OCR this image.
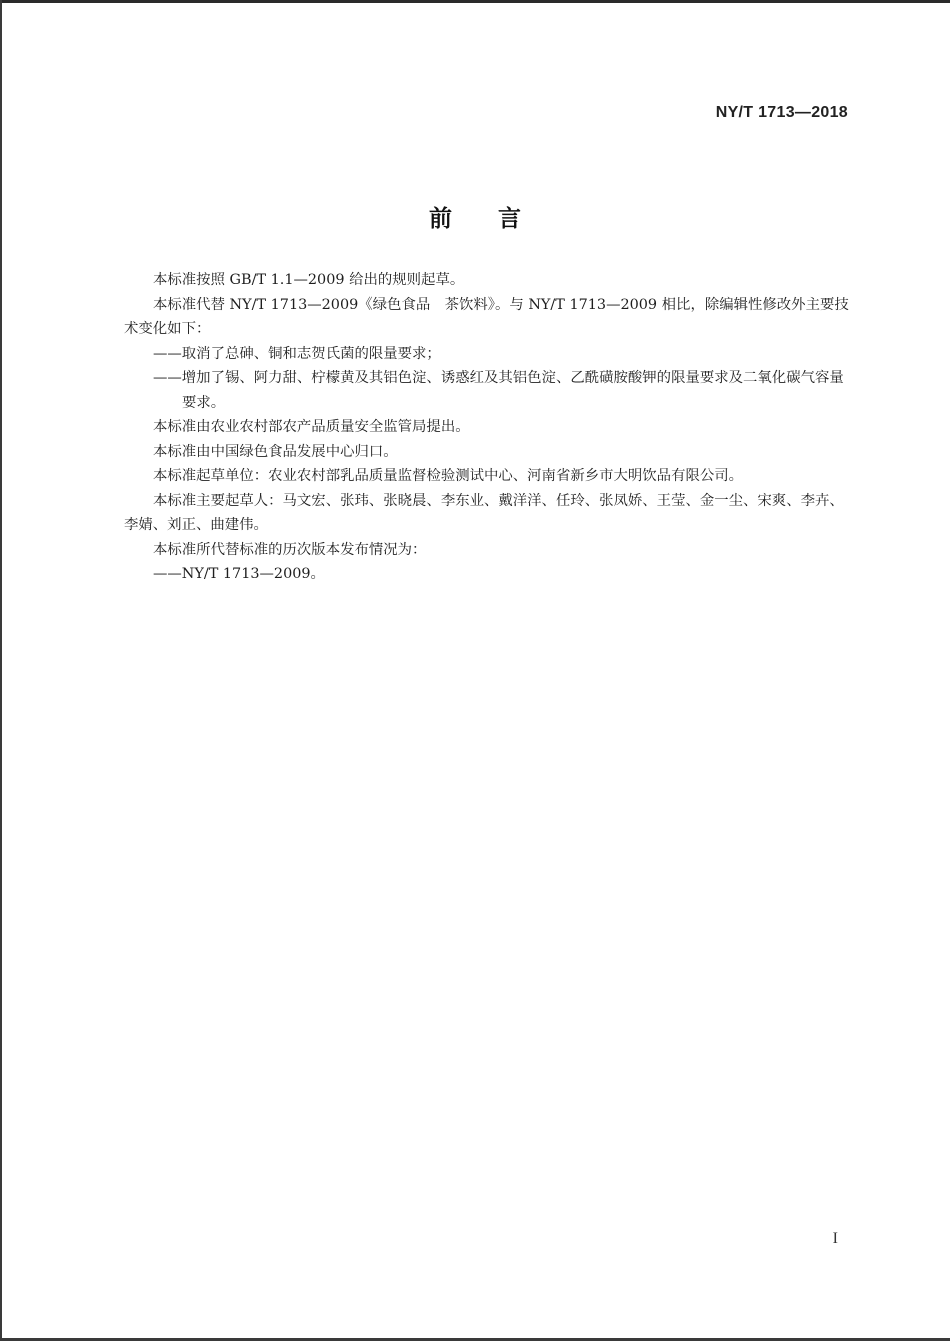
NY/T 1713—2018
前言

本标准按照 GB/T 1.1—2009 给出的规则起草。

本标准代替 NY/T 1713—2009《绿色食品　茶饮料》。与 NY/T 1713—2009 相比，除编辑性修改外主要技术变化如下：

——取消了总砷、铜和志贺氏菌的限量要求；

——增加了锡、阿力甜、柠檬黄及其铝色淀、诱惑红及其铝色淀、乙酰磺胺酸钾的限量要求及二氧化碳气容量要求。

本标准由农业农村部农产品质量安全监管局提出。

本标准由中国绿色食品发展中心归口。

本标准起草单位：农业农村部乳品质量监督检验测试中心、河南省新乡市大明饮品有限公司。

本标准主要起草人：马文宏、张玮、张晓晨、李东业、戴洋洋、任玲、张凤娇、王莹、金一尘、宋爽、李卉、李婧、刘正、曲建伟。

本标准所代替标准的历次版本发布情况为：

——NY/T 1713—2009。

I
